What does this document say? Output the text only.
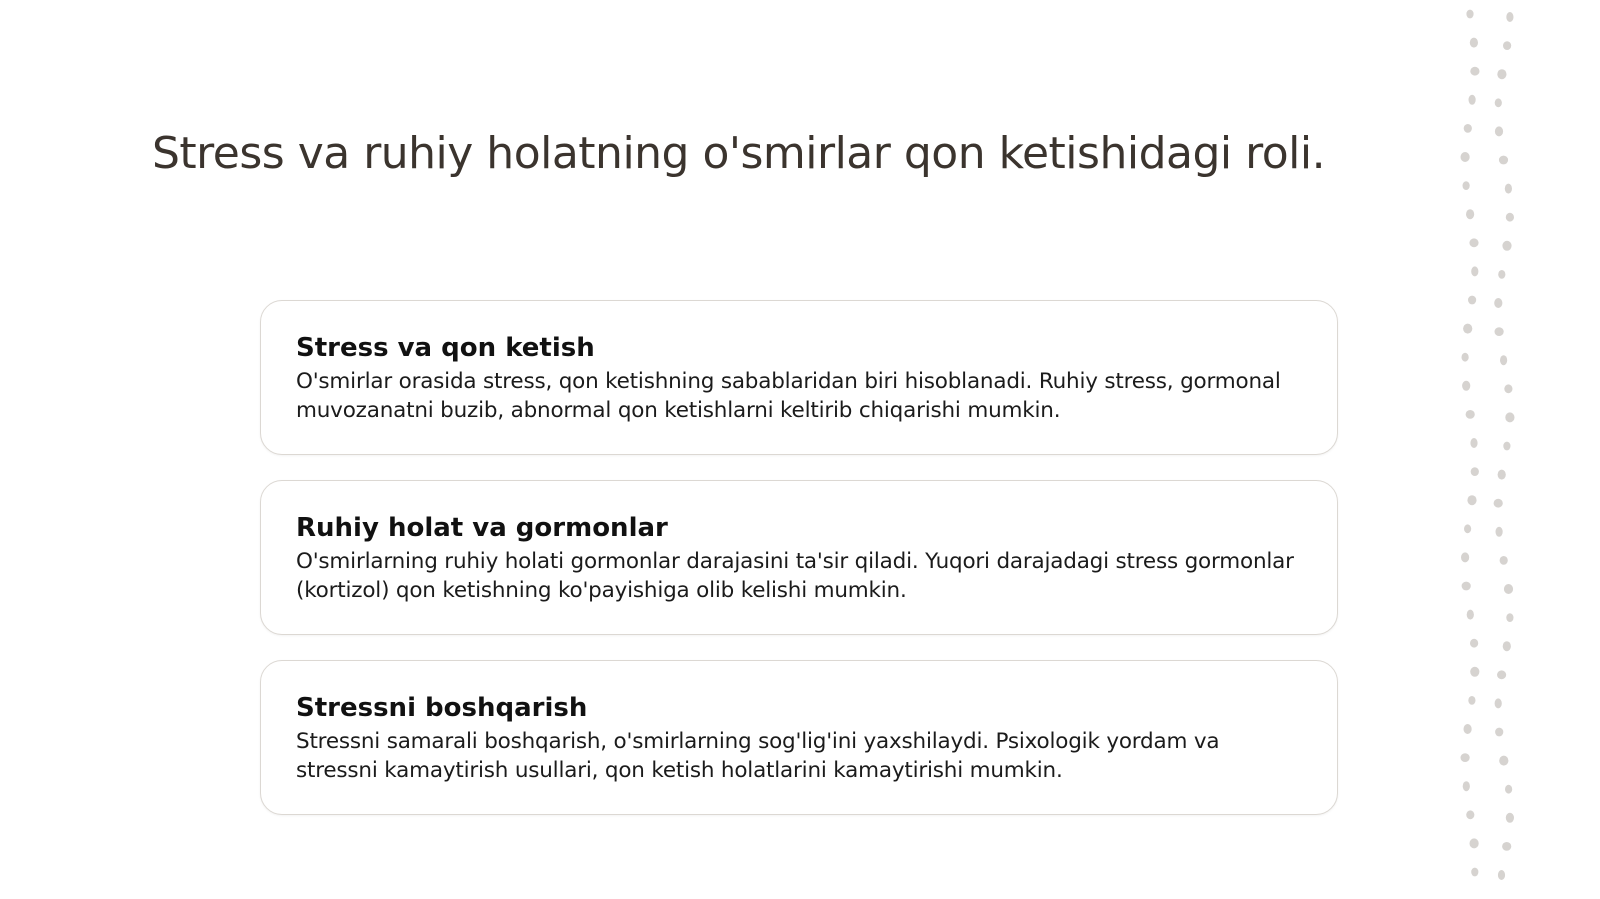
Stress va ruhiy holatning o'smirlar qon ketishidagi roli.
Stress va qon ketish

O'smirlar orasida stress, qon ketishning sabablaridan biri hisoblanadi. Ruhiy stress, gormonal muvozanatni buzib, abnormal qon ketishlarni keltirib chiqarishi mumkin.

Ruhiy holat va gormonlar

O'smirlarning ruhiy holati gormonlar darajasini ta'sir qiladi. Yuqori darajadagi stress gormonlar (kortizol) qon ketishning ko'payishiga olib kelishi mumkin.

Stressni boshqarish

Stressni samarali boshqarish, o'smirlarning sog'lig'ini yaxshilaydi. Psixologik yordam va stressni kamaytirish usullari, qon ketish holatlarini kamaytirishi mumkin.
